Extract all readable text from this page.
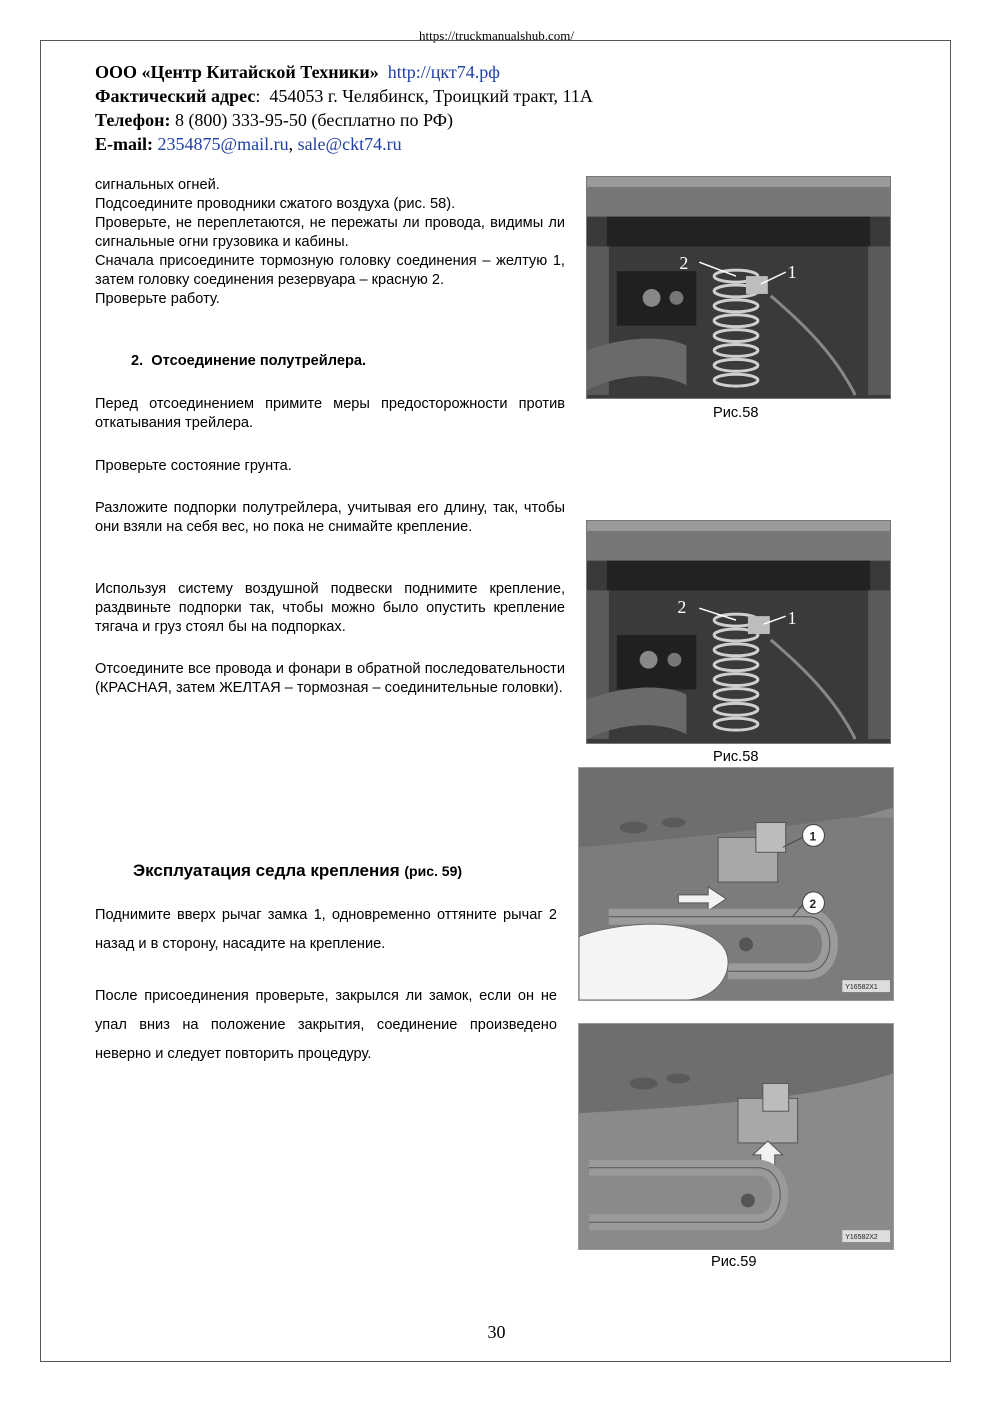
https://truckmanualshub.com/
ООО «Центр Китайской Техники» http://цкт74.рф
Фактический адрес:  454053 г. Челябинск, Троицкий тракт, 11А
Телефон: 8 (800) 333-95-50 (бесплатно по РФ)
E-mail: 2354875@mail.ru, sale@ckt74.ru

сигнальных огней.

Подсоедините проводники сжатого воздуха (рис. 58).

Проверьте, не переплетаются, не пережаты ли провода, видимы ли сигнальные огни грузовика и кабины.

Сначала присоедините тормозную головку соединения – желтую 1, затем головку соединения резервуара – красную 2.

Проверьте работу.

2. Отсоединение полутрейлера.

Перед отсоединением примите меры предосторожности против откатывания трейлера.

Проверьте состояние грунта.

Разложите подпорки полутрейлера, учитывая его длину, так, чтобы они взяли на себя вес, но пока не снимайте крепление.

Используя систему воздушной подвески поднимите крепление, раздвиньте подпорки так, чтобы можно было опустить крепление тягача и груз стоял бы на подпорках.

Отсоедините все провода и фонари в обратной последовательности (КРАСНАЯ, затем ЖЕЛТАЯ – тормозная – соединительные головки).

Эксплуатация седла крепления (рис. 59)

Поднимите вверх рычаг замка 1, одновременно оттяните рычаг 2 назад и в сторону, насадите на крепление.

После присоединения проверьте, закрылся ли замок, если он не упал вниз на положение закрытия, соединение произведено неверно и следует повторить процедуру.

2	1
Рис.58
2
1
Рис.58
1
2
Y16582X1
Y16582X2
Рис.59
30
